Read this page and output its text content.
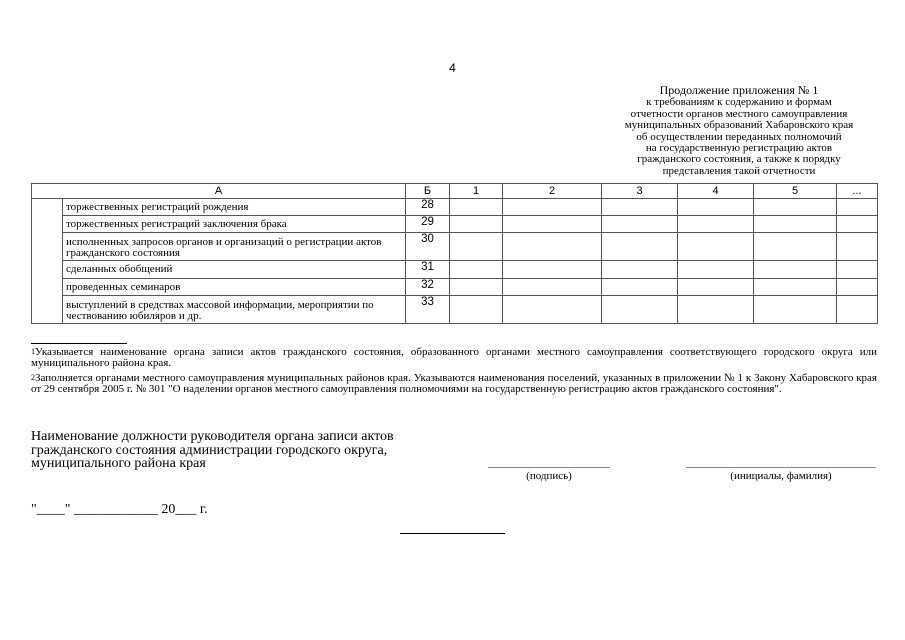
4
Продолжение приложения № 1
к требованиям к содержанию и формам
отчетности органов местного самоуправления
муниципальных образований Хабаровского края
об осуществлении переданных полномочий
на государственную регистрацию актов
гражданского состояния, а также к порядку
представления такой отчетности
А		Б	1	2	3	4	5	...
	торжественных регистраций рождения	28						
	торжественных регистраций заключения брака	29						
	исполненных запросов органов и организаций о регистрации актов гражданского состояния	30						
	сделанных обобщений	31						
	проведенных семинаров	32						
	выступлений в средствах массовой информации, мероприятии по чествованию юбиляров и др.	33						
$^1$Указывается наименование органа записи актов гражданского состояния, образованного органами местного самоуправления соответствующего городского округа или муниципального района края.
$^2$Заполняется органами местного самоуправления муниципальных районов края. Указываются наименования поселений, указанных в приложении № 1 к Закону Хабаровского края от 29 сентября 2005 г. № 301 "О наделении органов местного самоуправления полномочиями на государственную регистрацию актов гражданского состояния".
Наименование должности руководителя органа записи актов гражданского состояния администрации городского округа, муниципального района края
(подпись)	(инициалы, фамилия)
"____" ____________ 20___ г.
